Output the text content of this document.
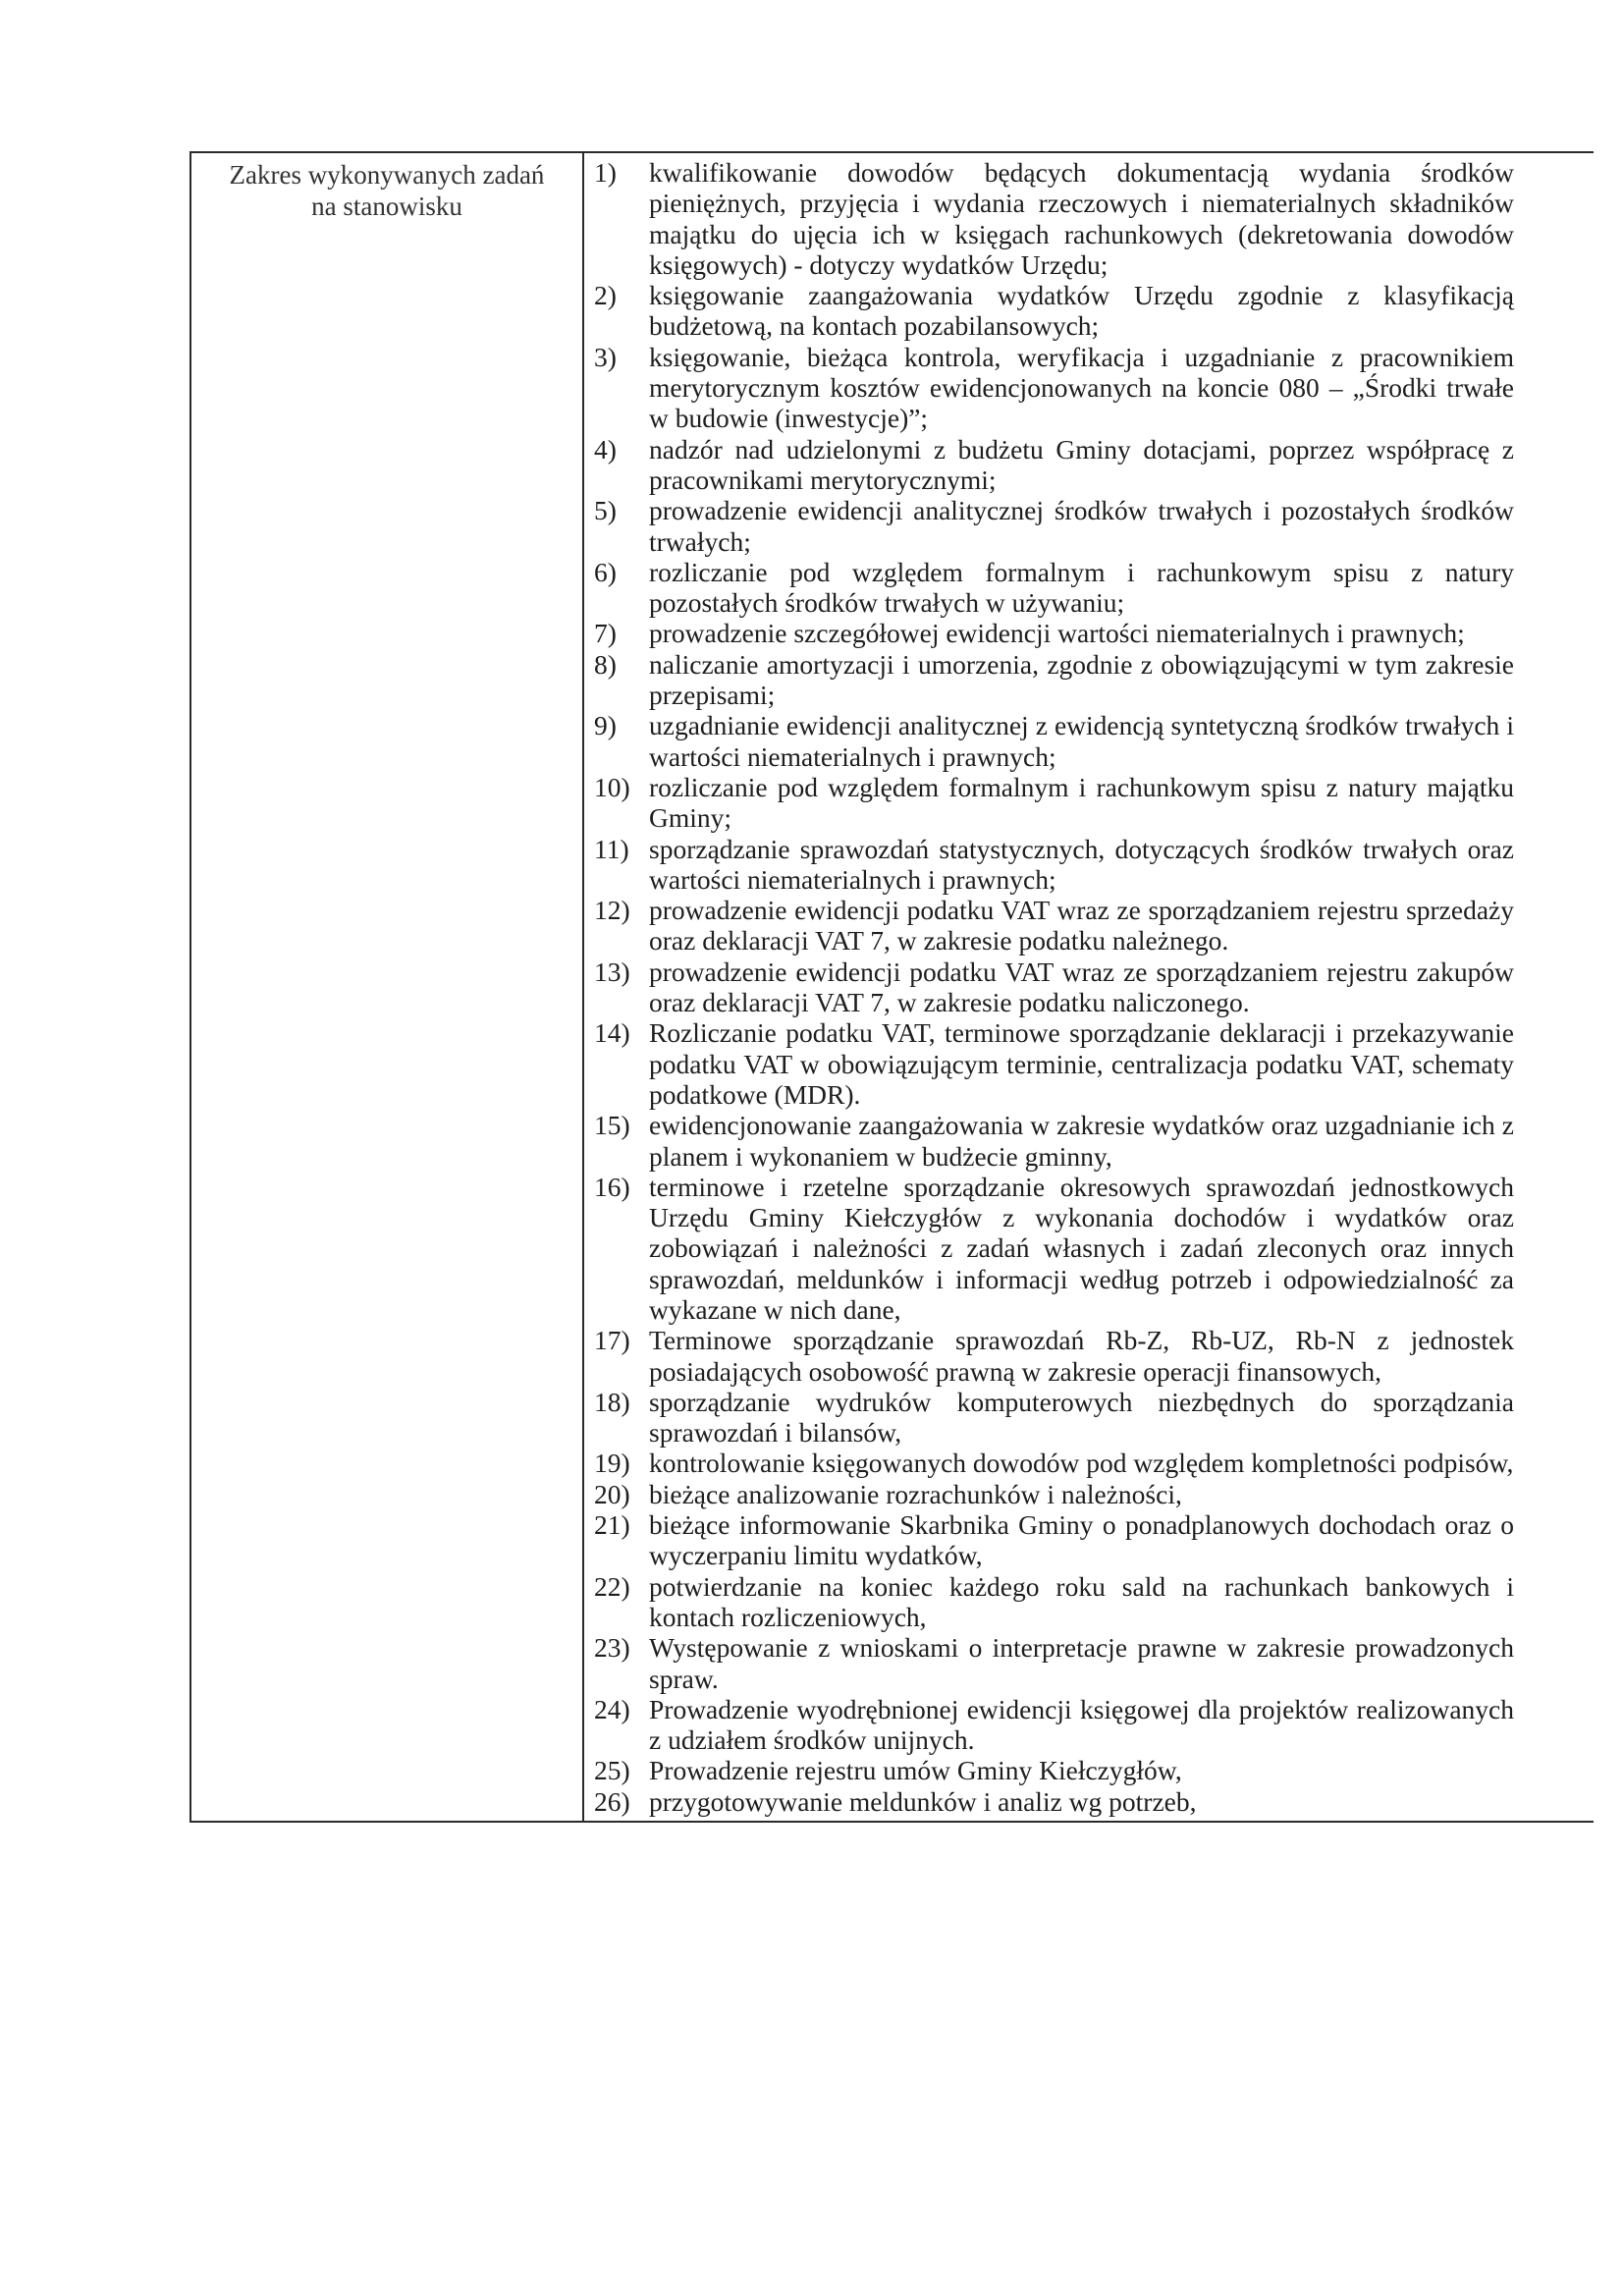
Zakres wykonywanych zadań
na stanowisku
1)	kwalifikowanie dowodów będących dokumentacją wydania środków pieniężnych, przyjęcia i wydania rzeczowych i niematerialnych składników majątku do ujęcia ich w księgach rachunkowych (dekretowania dowodów księgowych) - dotyczy wydatków Urzędu;
2)	księgowanie zaangażowania wydatków Urzędu zgodnie z klasyfikacją budżetową, na kontach pozabilansowych;
3)	księgowanie, bieżąca kontrola, weryfikacja i uzgadnianie z pracownikiem merytorycznym kosztów ewidencjonowanych na koncie 080 – „Środki trwałe w budowie (inwestycje)”;
4)	nadzór nad udzielonymi z budżetu Gminy dotacjami, poprzez współpracę z pracownikami merytorycznymi;
5)	prowadzenie ewidencji analitycznej środków trwałych i pozostałych środków trwałych;
6)	rozliczanie pod względem formalnym i rachunkowym spisu z natury pozostałych środków trwałych w używaniu;
7)	prowadzenie szczegółowej ewidencji wartości niematerialnych i prawnych;
8)	naliczanie amortyzacji i umorzenia, zgodnie z obowiązującymi w tym zakresie przepisami;
9)	uzgadnianie ewidencji analitycznej z ewidencją syntetyczną środków trwałych i wartości niematerialnych i prawnych;
10) rozliczanie pod względem formalnym i rachunkowym spisu z natury majątku Gminy;
11) sporządzanie sprawozdań statystycznych, dotyczących środków trwałych oraz wartości niematerialnych i prawnych;
12) prowadzenie ewidencji podatku VAT wraz ze sporządzaniem rejestru sprzedaży oraz deklaracji VAT 7, w zakresie podatku należnego.
13) prowadzenie ewidencji podatku VAT wraz ze sporządzaniem rejestru zakupów oraz deklaracji VAT 7, w zakresie podatku naliczonego.
14) Rozliczanie podatku VAT, terminowe sporządzanie deklaracji i przekazywanie podatku VAT w obowiązującym terminie, centralizacja podatku VAT, schematy podatkowe (MDR).
15) ewidencjonowanie zaangażowania w zakresie wydatków oraz uzgadnianie ich z planem i wykonaniem w budżecie gminny,
16) terminowe i rzetelne sporządzanie okresowych sprawozdań jednostkowych Urzędu Gminy Kiełczygłów z wykonania dochodów i wydatków oraz zobowiązań i należności z zadań własnych i zadań zleconych oraz innych sprawozdań, meldunków i informacji według potrzeb i odpowiedzialność za wykazane w nich dane,
17) Terminowe sporządzanie sprawozdań Rb-Z, Rb-UZ, Rb-N z jednostek posiadających osobowość prawną w zakresie operacji finansowych,
18) sporządzanie wydruków komputerowych niezbędnych do sporządzania sprawozdań i bilansów,
19) kontrolowanie księgowanych dowodów pod względem kompletności podpisów,
20) bieżące analizowanie rozrachunków i należności,
21) bieżące informowanie Skarbnika Gminy o ponadplanowych dochodach oraz o wyczerpaniu limitu wydatków,
22) potwierdzanie na koniec każdego roku sald na rachunkach bankowych i kontach rozliczeniowych,
23) Występowanie z wnioskami o interpretacje prawne w zakresie prowadzonych spraw.
24) Prowadzenie wyodrębnionej ewidencji księgowej dla projektów realizowanych z udziałem środków unijnych.
25) Prowadzenie rejestru umów Gminy Kiełczygłów,
26) przygotowywanie meldunków i analiz wg potrzeb,
